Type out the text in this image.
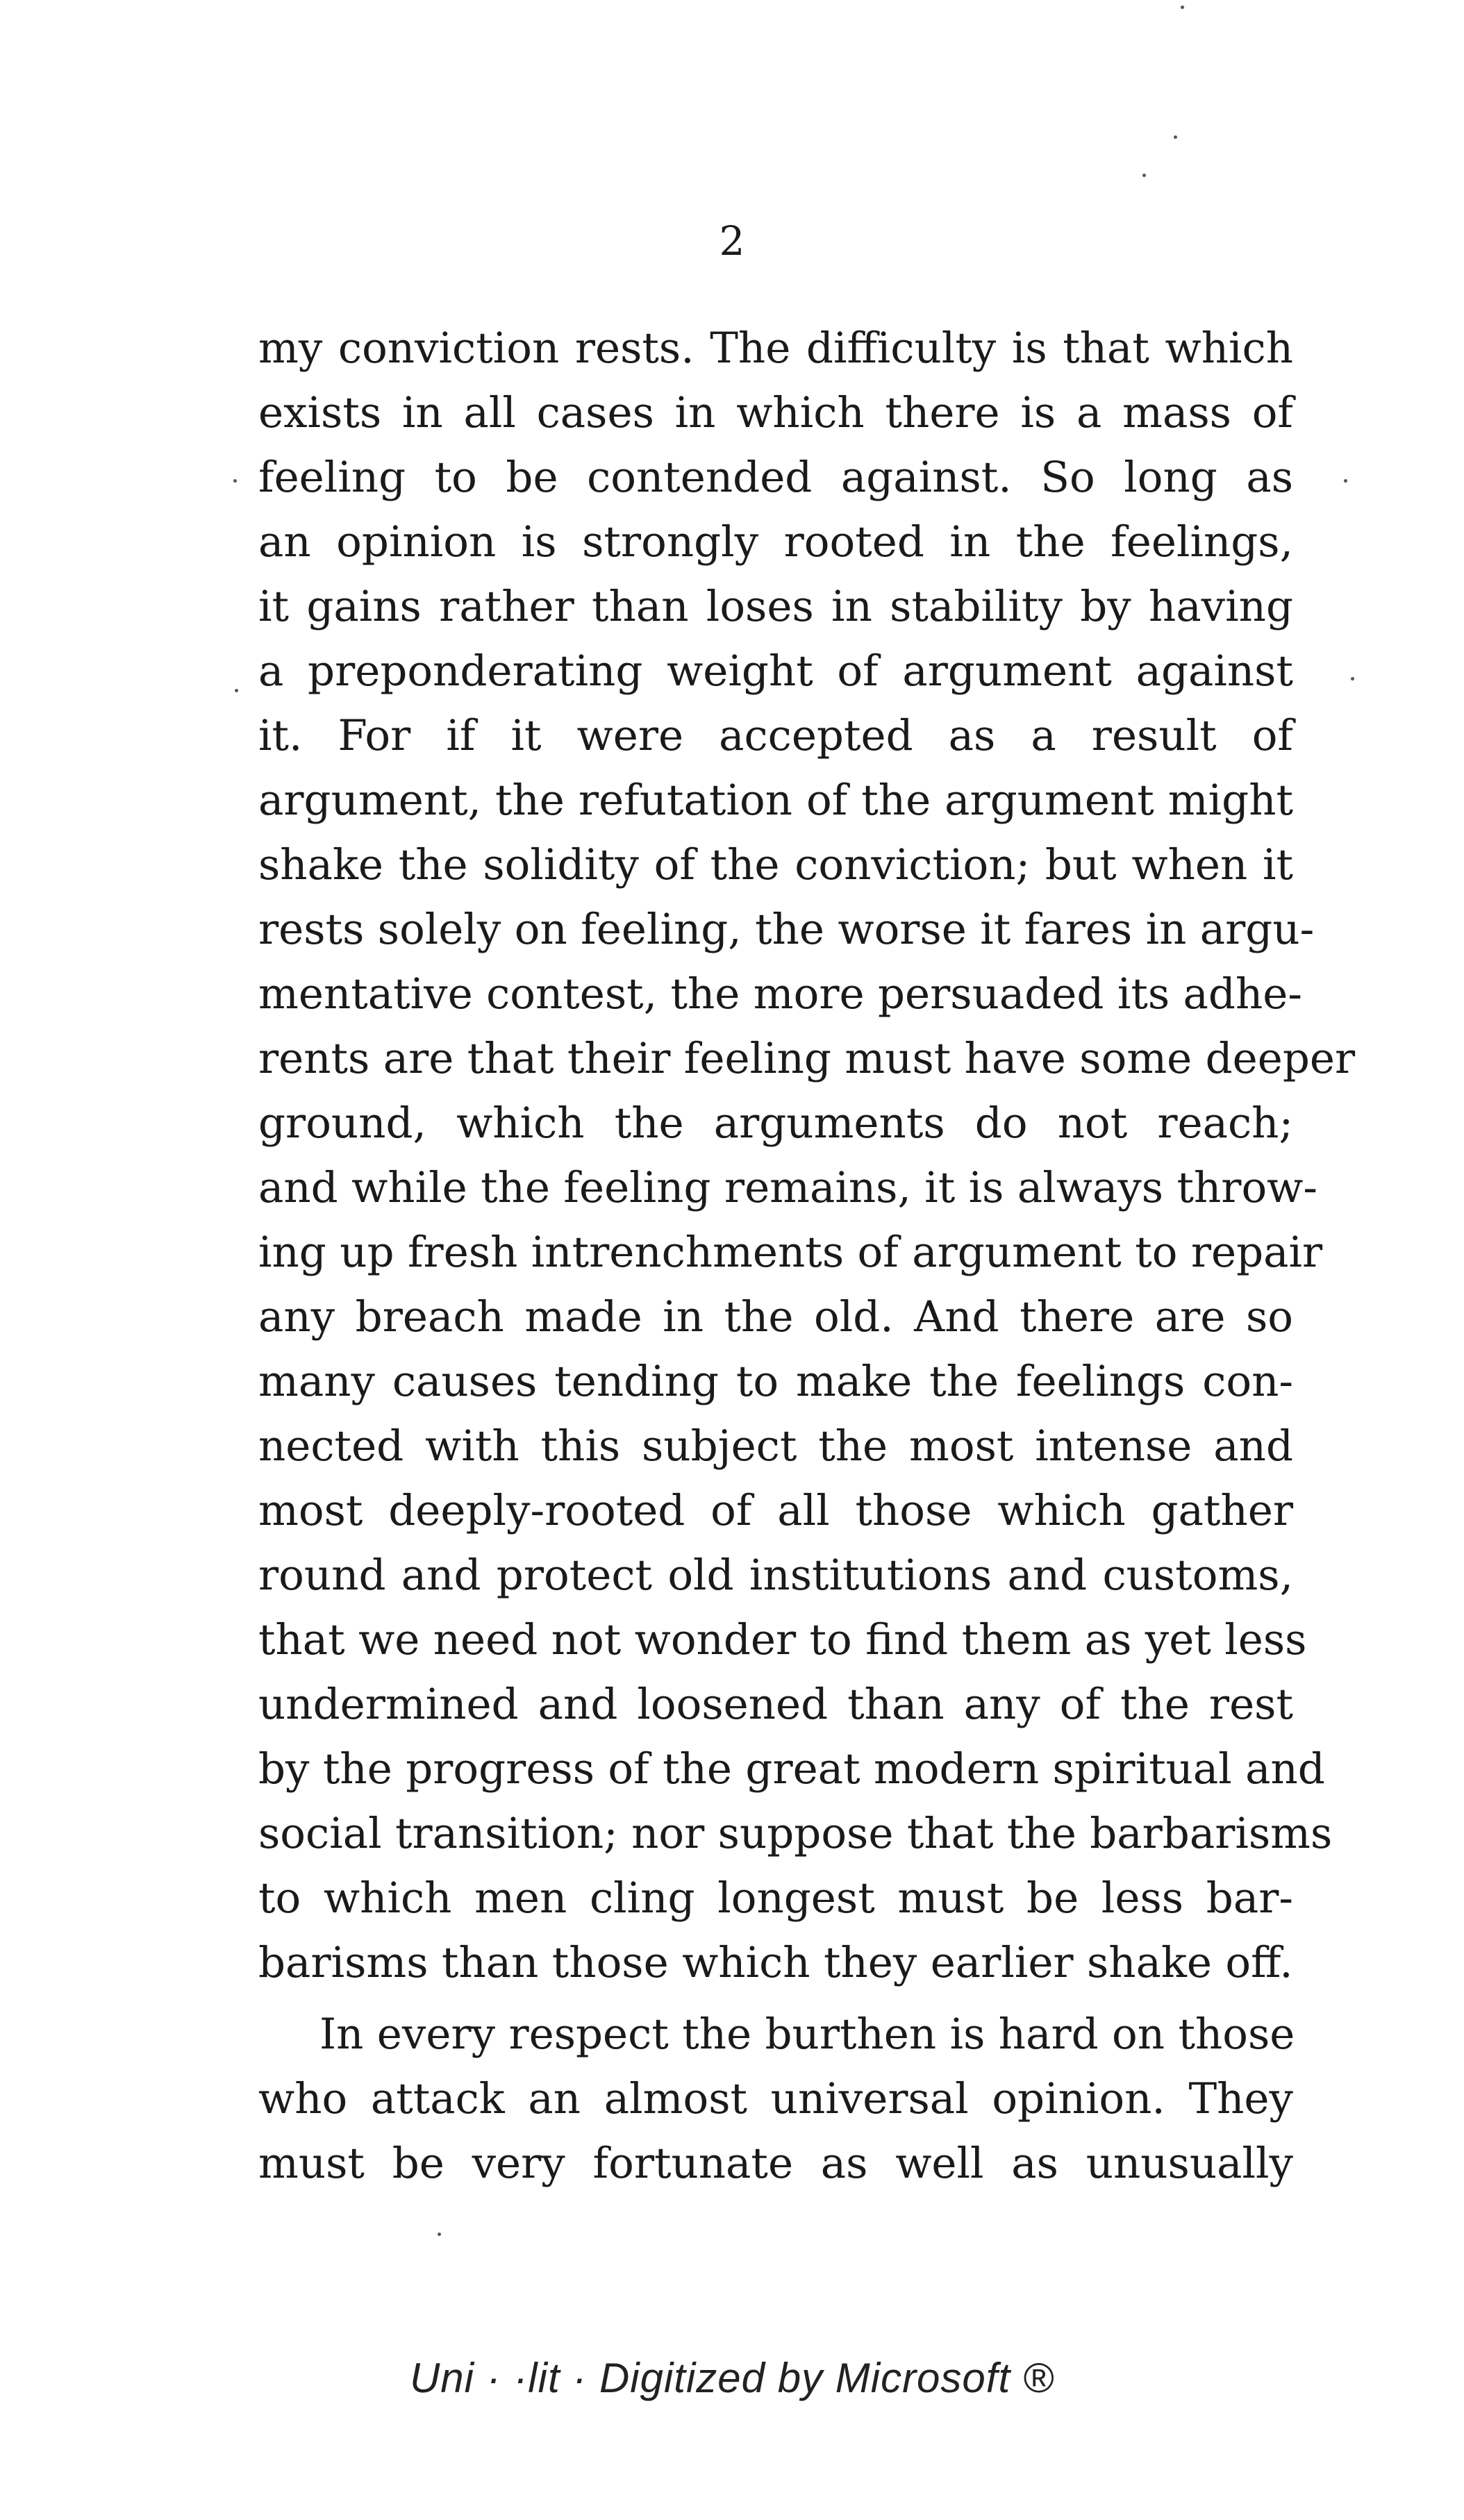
2
my conviction rests. The difficulty is that which
exists in all cases in which there is a mass of
feeling to be contended against. So long as
an opinion is strongly rooted in the feelings,
it gains rather than loses in stability by having
a preponderating weight of argument against
it. For if it were accepted as a result of
argument, the refutation of the argument might
shake the solidity of the conviction; but when it
rests solely on feeling, the worse it fares in argu-
mentative contest, the more persuaded its adhe-
rents are that their feeling must have some deeper
ground, which the arguments do not reach;
and while the feeling remains, it is always throw-
ing up fresh intrenchments of argument to repair
any breach made in the old. And there are so
many causes tending to make the feelings con-
nected with this subject the most intense and
most deeply-rooted of all those which gather
round and protect old institutions and customs,
that we need not wonder to find them as yet less
undermined and loosened than any of the rest
by the progress of the great modern spiritual and
social transition; nor suppose that the barbarisms
to which men cling longest must be less bar-
barisms than those which they earlier shake off.
In every respect the burthen is hard on those
who attack an almost universal opinion. They
must be very fortunate as well as unusually
Uni · ·lit · Digitized by Microsoft ®
